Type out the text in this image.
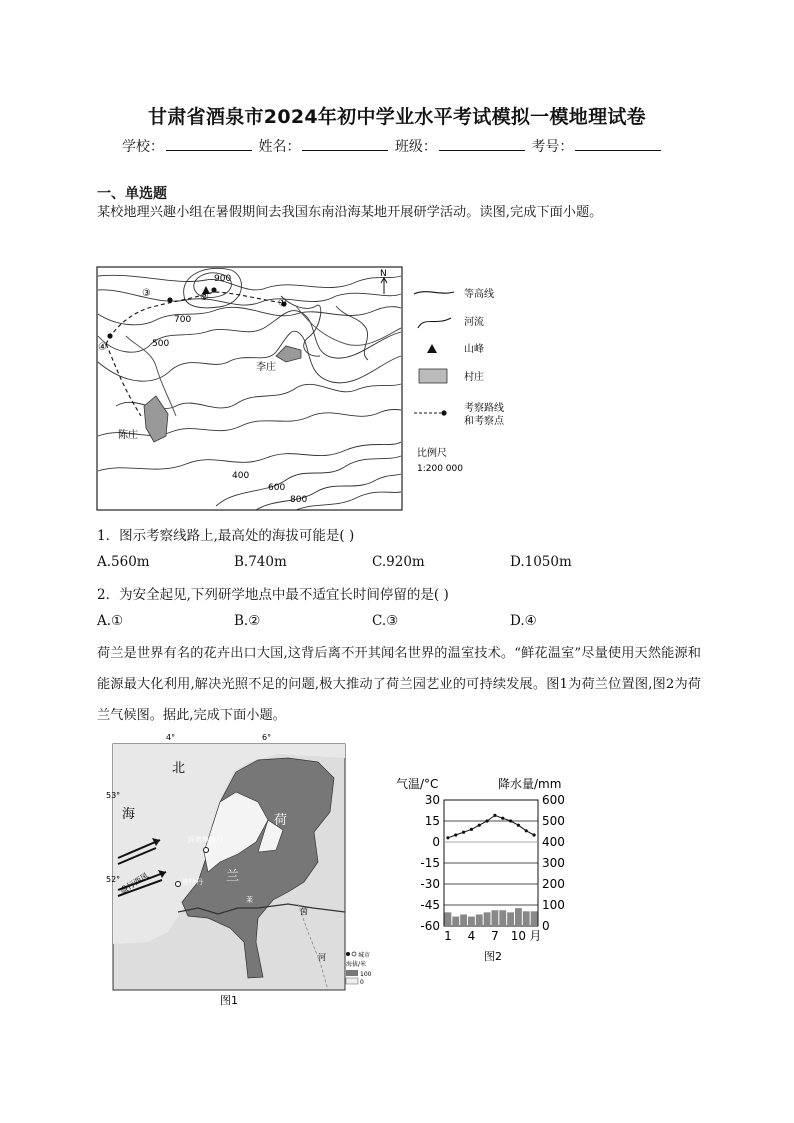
甘肃省酒泉市2024年初中学业水平考试模拟一模地理试卷
学校：	姓名：	班级：	考号：
一、单选题
某校地理兴趣小组在暑假期间去我国东南沿海某地开展研学活动。读图,完成下面小题。
900
700
500
400
600
800
①
②
③
④
李庄
陈庄
N
等高线
河流
山峰
村庄
考察路线
和考察点
比例尺
1:200 000
1．图示考察线路上,最高处的海拔可能是( )
A.560m	B.740m	C.920m	D.1050m
2．为安全起见,下列研学地点中最不适宜长时间停留的是( )
A.①	B.②	C.③	D.④
荷兰是世界有名的花卉出口大国,这背后离不开其闻名世界的温室技术。“鲜花温室”尽量使用天然能源和能源最大化利用,解决光照不足的问题,极大推动了荷兰园艺业的可持续发展。图1为荷兰位置图,图2为荷兰气候图。据此,完成下面小题。
4°	6°
53°
52°
北
海	荷
兰
阿姆斯特丹
鹿特丹
盛行西风
莱
茵
河	城市
海拔/米
100
0
图1
气温/°C	降水量/mm
30
15
0
-15
-30
-45
-60
600
500
400
300
200
100
0
1 4 7 10 月
图2
